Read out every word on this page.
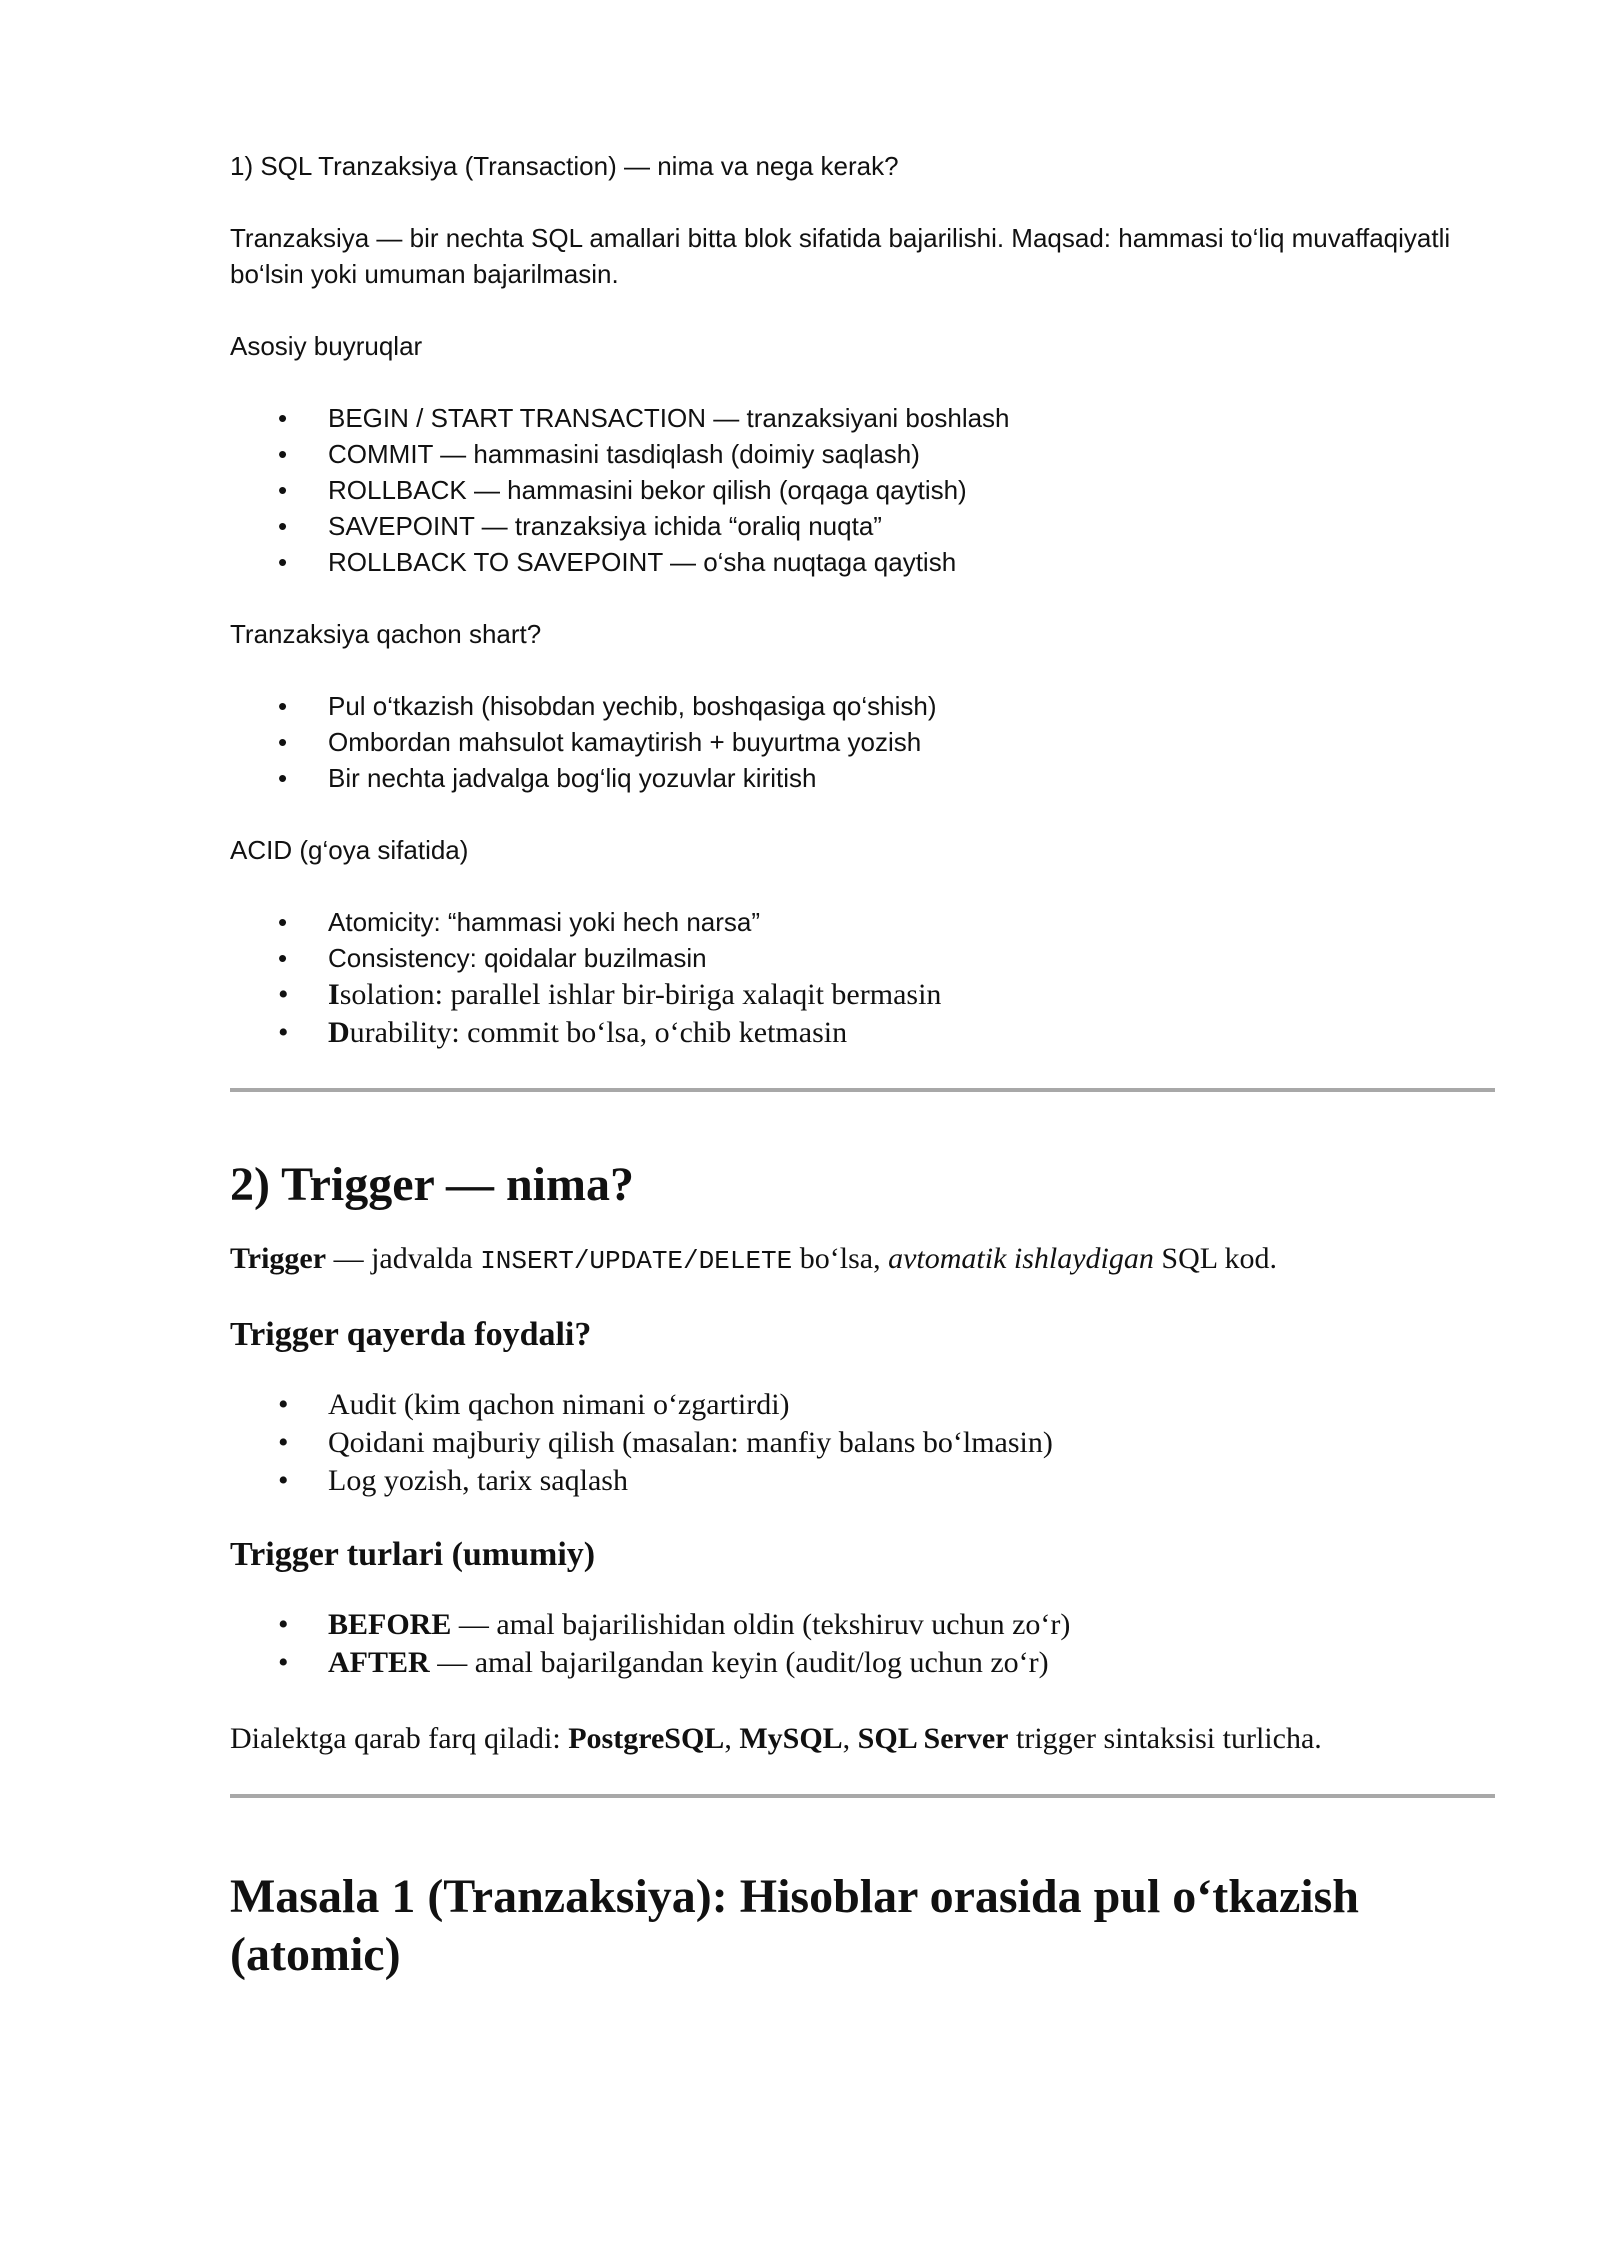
1) SQL Tranzaksiya (Transaction) — nima va nega kerak?

Tranzaksiya — bir nechta SQL amallari bitta blok sifatida bajarilishi. Maqsad: hammasi to‘liq muvaffaqiyatli bo‘lsin yoki umuman bajarilmasin.

Asosiy buyruqlar

• BEGIN / START TRANSACTION — tranzaksiyani boshlash
• COMMIT — hammasini tasdiqlash (doimiy saqlash)
• ROLLBACK — hammasini bekor qilish (orqaga qaytish)
• SAVEPOINT — tranzaksiya ichida “oraliq nuqta”
• ROLLBACK TO SAVEPOINT — o‘sha nuqtaga qaytish

Tranzaksiya qachon shart?

• Pul o‘tkazish (hisobdan yechib, boshqasiga qo‘shish)
• Ombordan mahsulot kamaytirish + buyurtma yozish
• Bir nechta jadvalga bog‘liq yozuvlar kiritish

ACID (g‘oya sifatida)

• Atomicity: “hammasi yoki hech narsa”
• Consistency: qoidalar buzilmasin
• Isolation: parallel ishlar bir-biriga xalaqit bermasin
• Durability: commit bo‘lsa, o‘chib ketmasin
2) Trigger — nima?

Trigger — jadvalda INSERT/UPDATE/DELETE bo‘lsa, avtomatik ishlaydigan SQL kod.

Trigger qayerda foydali?
• Audit (kim qachon nimani o‘zgartirdi)
• Qoidani majburiy qilish (masalan: manfiy balans bo‘lmasin)
• Log yozish, tarix saqlash
Trigger turlari (umumiy)
• BEFORE — amal bajarilishidan oldin (tekshiruv uchun zo‘r)
• AFTER — amal bajarilgandan keyin (audit/log uchun zo‘r)

Dialektga qarab farq qiladi: PostgreSQL, MySQL, SQL Server trigger sintaksisi turlicha.

Masala 1 (Tranzaksiya): Hisoblar orasida pul o‘tkazish (atomic)
